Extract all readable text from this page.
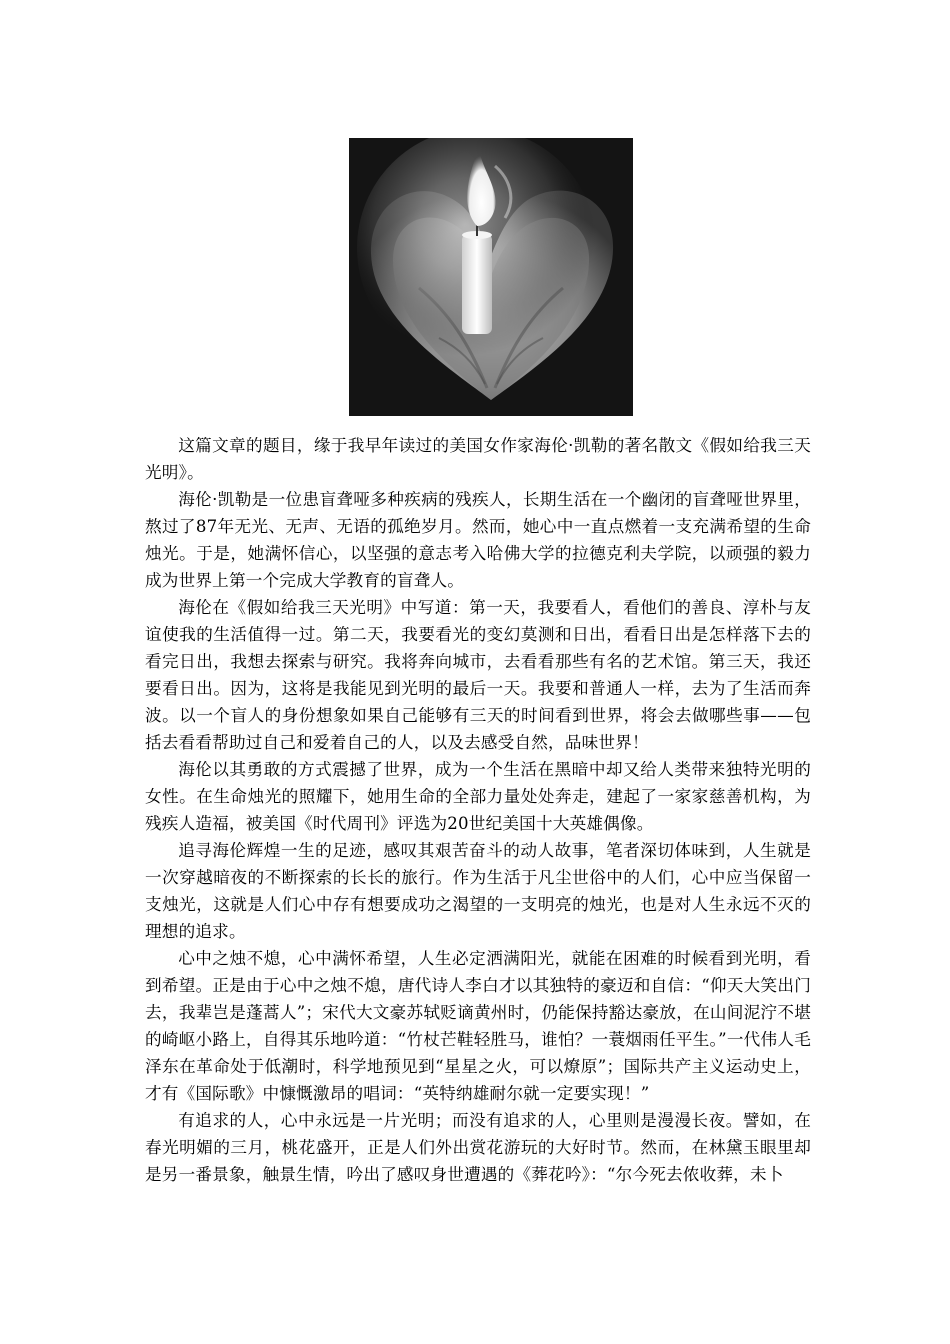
这篇文章的题目，缘于我早年读过的美国女作家海伦·凯勒的著名散文《假如给我三天光明》。

海伦·凯勒是一位患盲聋哑多种疾病的残疾人，长期生活在一个幽闭的盲聋哑世界里，熬过了87年无光、无声、无语的孤绝岁月。然而，她心中一直点燃着一支充满希望的生命烛光。于是，她满怀信心，以坚强的意志考入哈佛大学的拉德克利夫学院，以顽强的毅力成为世界上第一个完成大学教育的盲聋人。

海伦在《假如给我三天光明》中写道：第一天，我要看人，看他们的善良、淳朴与友谊使我的生活值得一过。第二天，我要看光的变幻莫测和日出，看看日出是怎样落下去的看完日出，我想去探索与研究。我将奔向城市，去看看那些有名的艺术馆。第三天，我还要看日出。因为，这将是我能见到光明的最后一天。我要和普通人一样，去为了生活而奔波。以一个盲人的身份想象如果自己能够有三天的时间看到世界，将会去做哪些事——包括去看看帮助过自己和爱着自己的人，以及去感受自然，品味世界！

海伦以其勇敢的方式震撼了世界，成为一个生活在黑暗中却又给人类带来独特光明的女性。在生命烛光的照耀下，她用生命的全部力量处处奔走，建起了一家家慈善机构，为残疾人造福，被美国《时代周刊》评选为20世纪美国十大英雄偶像。

追寻海伦辉煌一生的足迹，感叹其艰苦奋斗的动人故事，笔者深切体味到，人生就是一次穿越暗夜的不断探索的长长的旅行。作为生活于凡尘世俗中的人们，心中应当保留一支烛光，这就是人们心中存有想要成功之渴望的一支明亮的烛光，也是对人生永远不灭的理想的追求。

心中之烛不熄，心中满怀希望，人生必定洒满阳光，就能在困难的时候看到光明，看到希望。正是由于心中之烛不熄，唐代诗人李白才以其独特的豪迈和自信：“仰天大笑出门去，我辈岂是蓬蒿人”；宋代大文豪苏轼贬谪黄州时，仍能保持豁达豪放，在山间泥泞不堪的崎岖小路上，自得其乐地吟道：“竹杖芒鞋轻胜马，谁怕？一蓑烟雨任平生。”一代伟人毛泽东在革命处于低潮时，科学地预见到“星星之火，可以燎原”；国际共产主义运动史上，才有《国际歌》中慷慨激昂的唱词：“英特纳雄耐尔就一定要实现！”

有追求的人，心中永远是一片光明；而没有追求的人，心里则是漫漫长夜。譬如，在春光明媚的三月，桃花盛开，正是人们外出赏花游玩的大好时节。然而，在林黛玉眼里却是另一番景象，触景生情，吟出了感叹身世遭遇的《葬花吟》：“尔今死去侬收葬，未卜
